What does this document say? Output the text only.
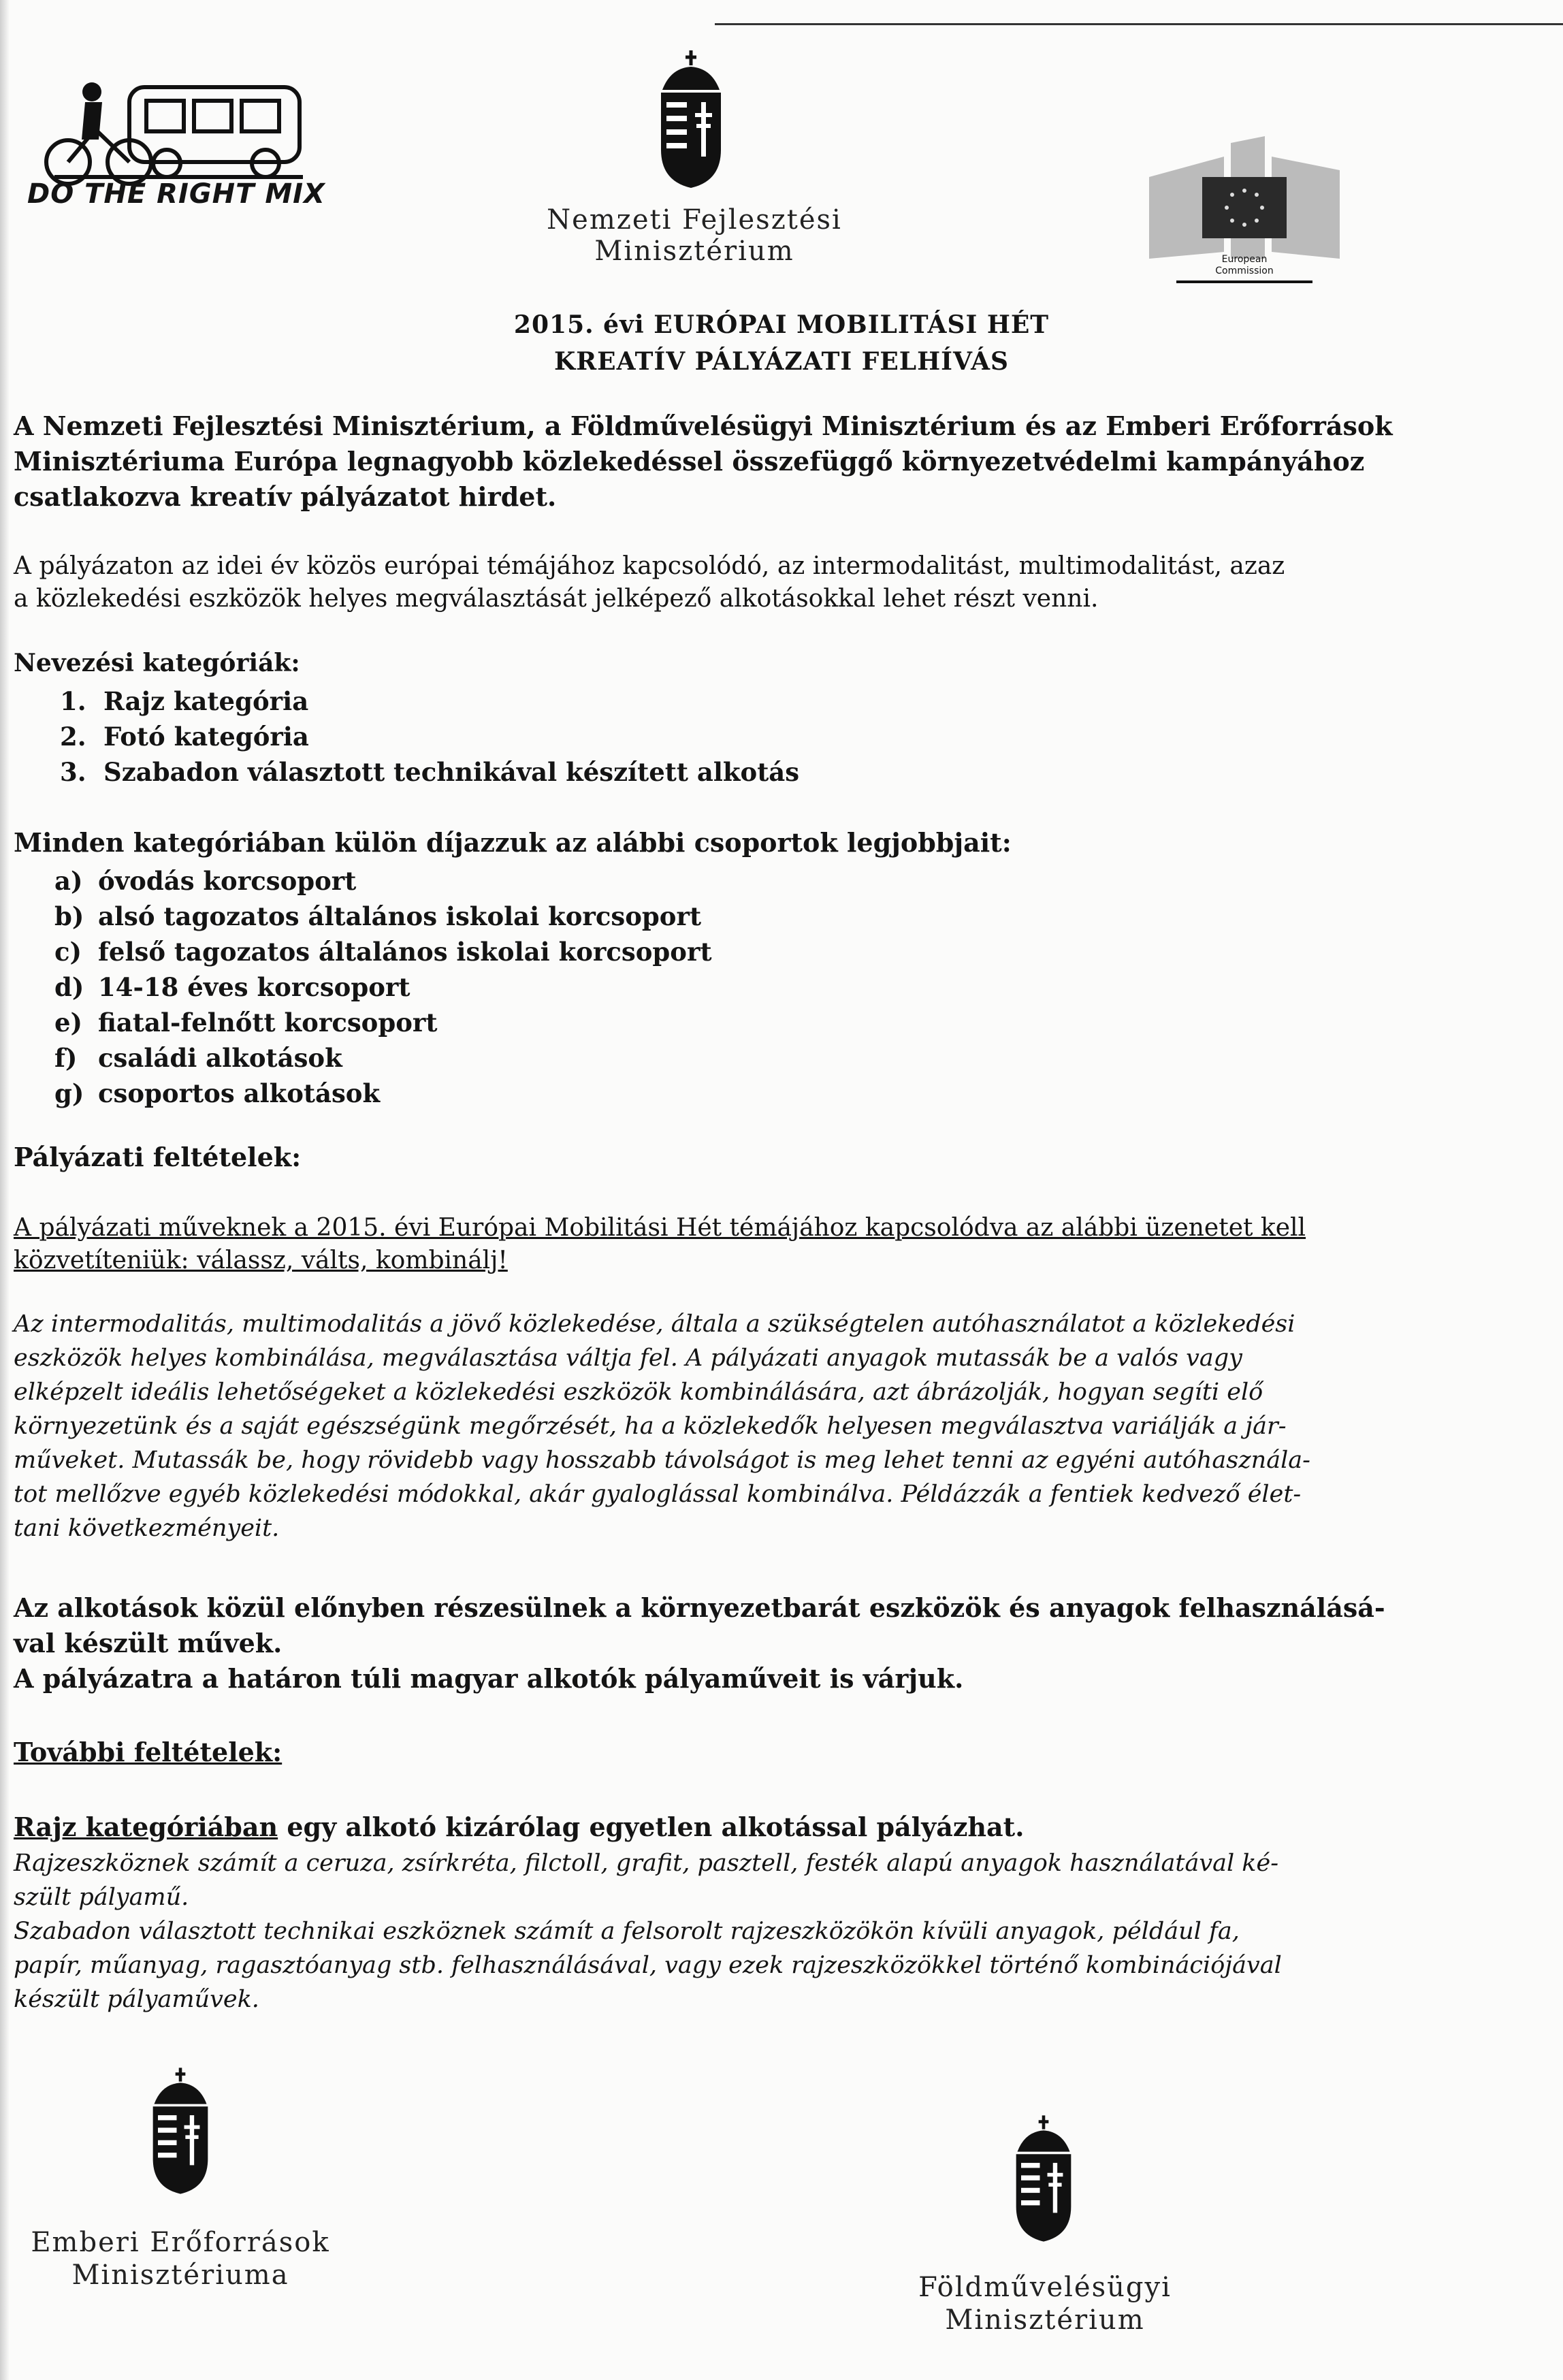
DO THE RIGHT MIX
Nemzeti Fejlesztési
Minisztérium	European
Commission
2015. évi EURÓPAI MOBILITÁSI HÉT
KREATÍV PÁLYÁZATI FELHÍVÁS
A Nemzeti Fejlesztési Minisztérium, a Földművelésügyi Minisztérium és az Emberi Erőforrások
Minisztériuma Európa legnagyobb közlekedéssel összefüggő környezetvédelmi kampányához
csatlakozva kreatív pályázatot hirdet.
A pályázaton az idei év közös európai témájához kapcsolódó, az intermodalitást, multimodalitást, azaz
a közlekedési eszközök helyes megválasztását jelképező alkotásokkal lehet részt venni.
Nevezési kategóriák:
1. Rajz kategória
2. Fotó kategória
3. Szabadon választott technikával készített alkotás
Minden kategóriában külön díjazzuk az alábbi csoportok legjobbjait:
a) óvodás korcsoport
b) alsó tagozatos általános iskolai korcsoport
c) felső tagozatos általános iskolai korcsoport
d) 14-18 éves korcsoport
e) fiatal-felnőtt korcsoport
f) családi alkotások
g) csoportos alkotások
Pályázati feltételek:
A pályázati műveknek a 2015. évi Európai Mobilitási Hét témájához kapcsolódva az alábbi üzenetet kell
közvetíteniük: válassz, válts, kombinálj!
Az intermodalitás, multimodalitás a jövő közlekedése, általa a szükségtelen autóhasználatot a közlekedési
eszközök helyes kombinálása, megválasztása váltja fel. A pályázati anyagok mutassák be a valós vagy
elképzelt ideális lehetőségeket a közlekedési eszközök kombinálására, azt ábrázolják, hogyan segíti elő
környezetünk és a saját egészségünk megőrzését, ha a közlekedők helyesen megválasztva variálják a jár-
műveket. Mutassák be, hogy rövidebb vagy hosszabb távolságot is meg lehet tenni az egyéni autóhasznála-
tot mellőzve egyéb közlekedési módokkal, akár gyaloglással kombinálva. Példázzák a fentiek kedvező élet-
tani következményeit.
Az alkotások közül előnyben részesülnek a környezetbarát eszközök és anyagok felhasználásá-
val készült művek.
A pályázatra a határon túli magyar alkotók pályaműveit is várjuk.
További feltételek:
Rajz kategóriában egy alkotó kizárólag egyetlen alkotással pályázhat.
Rajzeszköznek számít a ceruza, zsírkréta, filctoll, grafit, pasztell, festék alapú anyagok használatával ké-
szült pályamű.
Szabadon választott technikai eszköznek számít a felsorolt rajzeszközökön kívüli anyagok, például fa,
papír, műanyag, ragasztóanyag stb. felhasználásával, vagy ezek rajzeszközökkel történő kombinációjával
készült pályaművek.
Emberi Erőforrások
Minisztériuma	Földművelésügyi
Minisztérium
